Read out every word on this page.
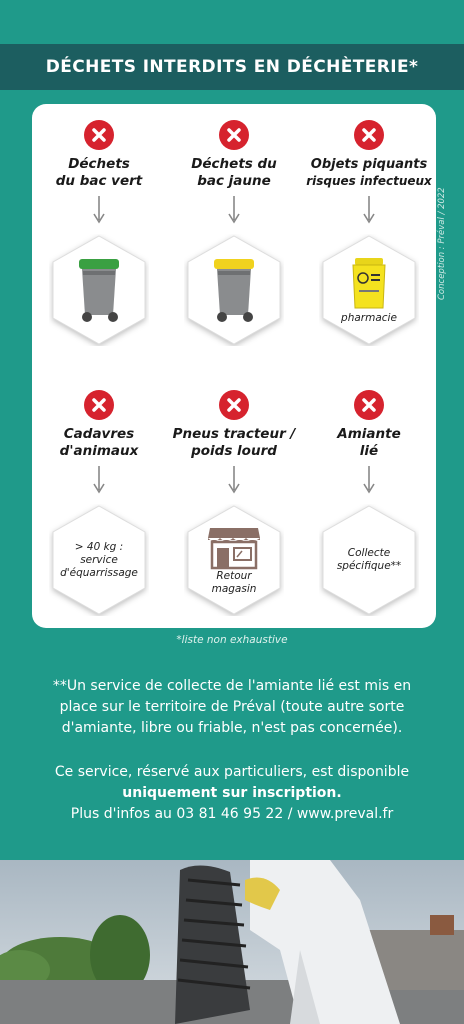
DÉCHETS INTERDITS EN DÉCHÈTERIE*
Déchets
du bac vert
Déchets du
bac jaune
Objets piquants
risques infectueux
pharmacie
Cadavres
d'animaux
> 40 kg :
service
d'équarrissage
Pneus tracteur /
poids lourd
Retour
magasin
Amiante
lié
Collecte
spécifique**
Conception : Préval / 2022
*liste non exhaustive
**Un service de collecte de l'amiante lié est mis en
place sur le territoire de Préval (toute autre sorte
d'amiante, libre ou friable, n'est pas concernée).
Ce service, réservé aux particuliers, est disponible
uniquement sur inscription.
Plus d'infos au 03 81 46 95 22 / www.preval.fr
